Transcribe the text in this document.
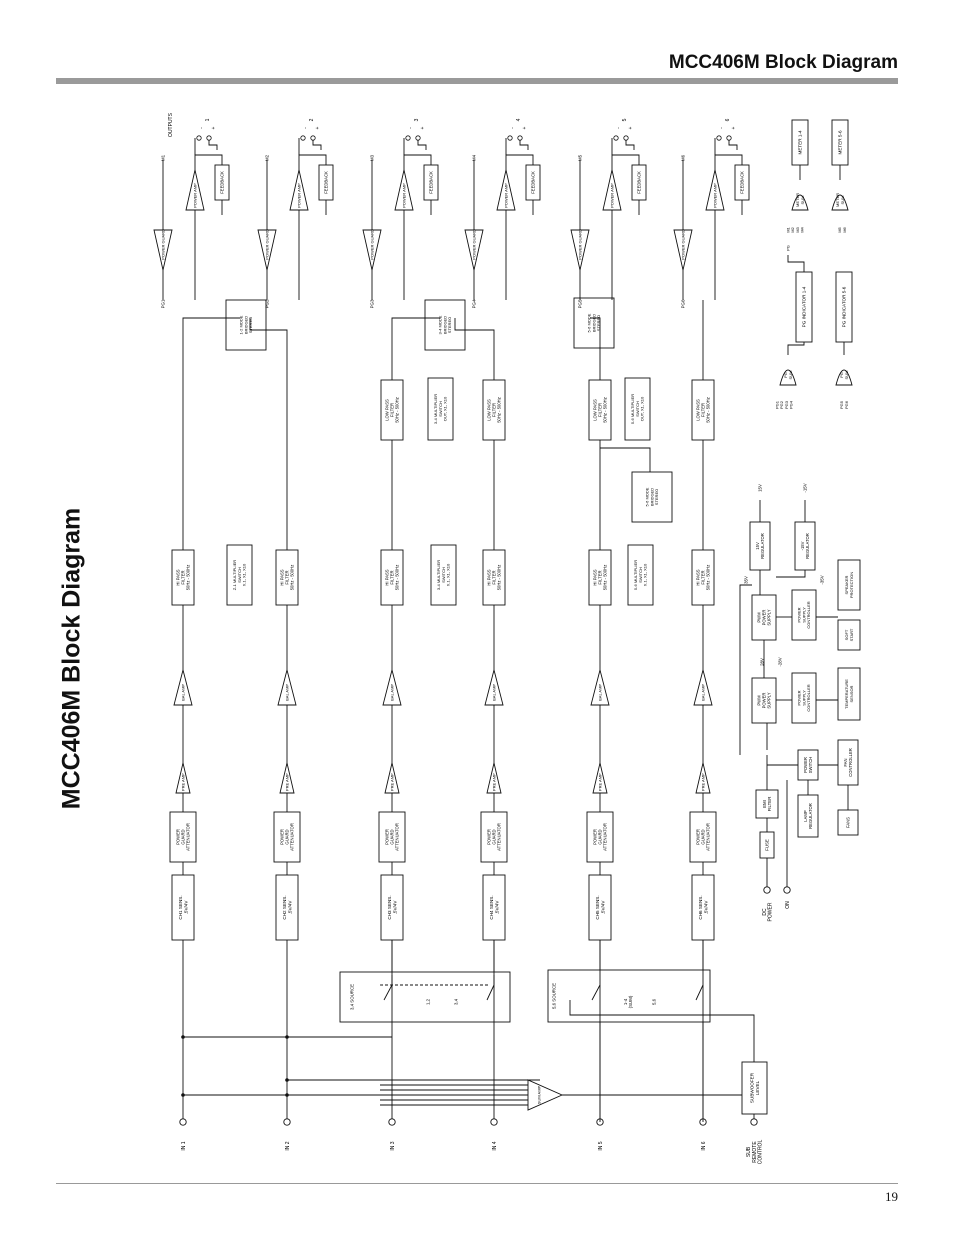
MCC406M Block Diagram
MCC406M Block Diagram
IN 1
CH1 SENS..5V/4V
POWERGUARDATTENUATOR
PRE AMP
BAL AMP
HI PASSFILTER50Hz - 500Hz
IN 2
CH2 SENS..5V/4V
POWERGUARDATTENUATOR
PRE AMP
BAL AMP
HI PASSFILTER50Hz - 500Hz
IN 3
CH3 SENS..5V/4V
POWERGUARDATTENUATOR
PRE AMP
BAL AMP
HI PASSFILTER50Hz - 500Hz
IN 4
CH4 SENS..5V/4V
POWERGUARDATTENUATOR
PRE AMP
BAL AMP
HI PASSFILTER50Hz - 500Hz
IN 5
CH5 SENS..5V/4V
POWERGUARDATTENUATOR
PRE AMP
BAL AMP
HI PASSFILTER50Hz - 500Hz
IN 6
CH6 SENS..5V/4V
POWERGUARDATTENUATOR
PRE AMP
BAL AMP
HI PASSFILTER50Hz - 500Hz
SUM AMP	SUBWOOFERLEVEL
SUBREMOTECONTROL
3,4 SOURCE	1,2	3,4	5,6 SOURCE	1-4(SUM)	5,6
Z-1 MULTIPLIERSWITCHX.1, X1, X10	3-4 MULTIPLIERSWITCHX.1, X1, X10	5-6 MULTIPLIERSWITCHX.1, X1, X10
LOW PASSFILTER50Hz - 500Hz	LOW PASSFILTER50Hz - 500Hz	LOW PASSFILTER50Hz - 500Hz	LOW PASSFILTER50Hz - 500Hz
3-4 MULTIPLIERSWITCHOUT, X1, X10	5-6 MULTIPLIERSWITCHOUT, X1, X10
1-2 MODEBRIDGEDSTEREO	3-4 MODEBRIDGEDSTEREO	5-6 MODEBRIDGEDSTEREO
5-6 MODEBRIDGEDSTEREO
POWER GUARD
M1
PG1
POWER AMP
FEEDBACK
1
+
-
POWER GUARD
M2
PG2
POWER AMP
FEEDBACK
2
+
-
POWER GUARD
M3
PG3
POWER AMP
FEEDBACK
3
+
-
POWER GUARD
M4
PG4
POWER AMP
FEEDBACK
4
+
-
POWER GUARD
M5
PG5
POWER AMP
FEEDBACK
5
+
-
POWER GUARD
M6
PG6
POWER AMP
FEEDBACK
6
+
-
OUTPUTS
METER 1-4	METER 5-6
PG INDICATOR 1-4	PG INDICATOR 5-6
METERSUM	METERSUM
M1M2M3M4	M5M6
PGSUM	PGSUM
PG1PG2PG3PG4	PG5PG6
PG
DCPOWER ON
FUSE
EMIFILTER
POWERSWITCH
LAMPREGULATOR
FANCONTROLLER
FANS
PWMPOWERSUPPLY
PWMPOWERSUPPLY
POWERSUPPLYCONTROLLER
POWERSUPPLYCONTROLLER
TEMPERATURESENSOR
SOFTSTART
SPEAKERPROTECTION
15VREGULATOR	-15VREGULATOR
15V	-15V
35V	-35V
28V	-28V
19
